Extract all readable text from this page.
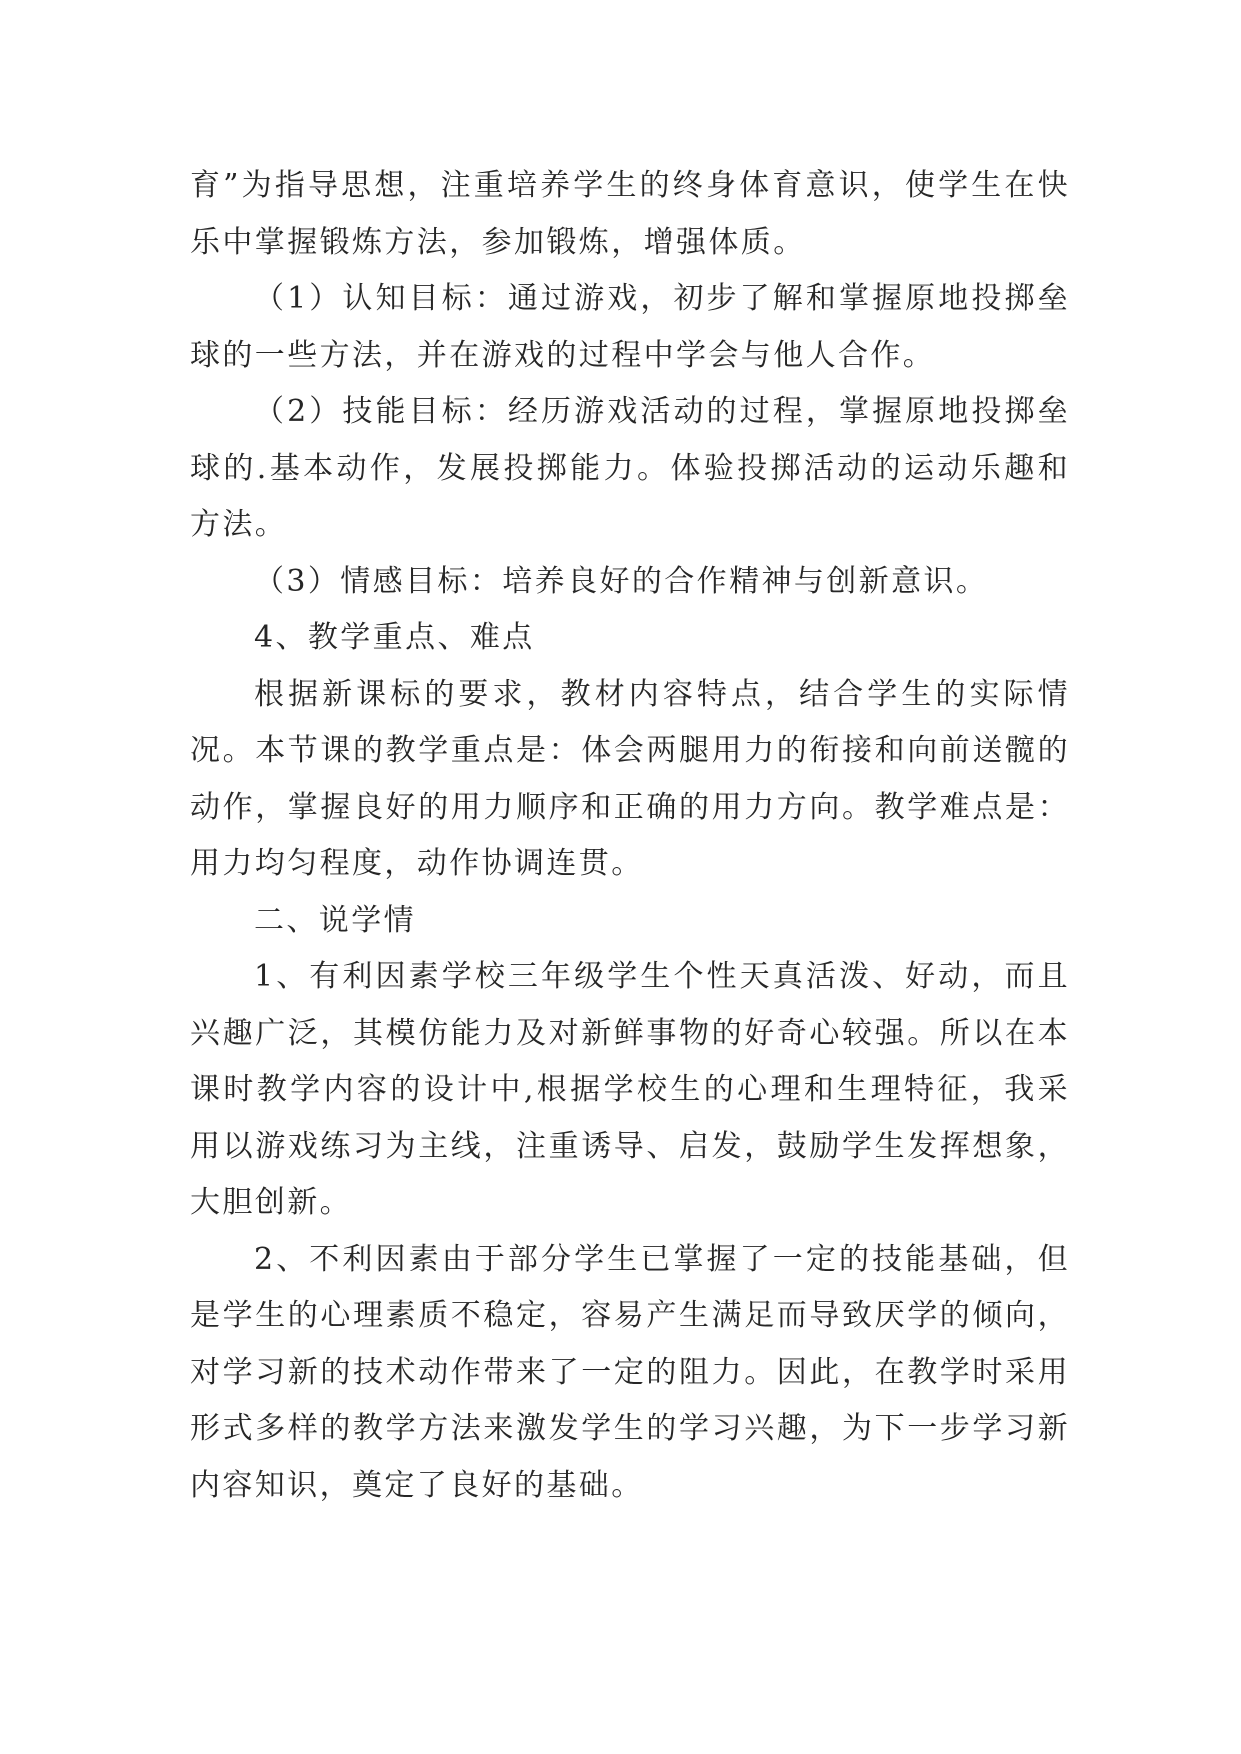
育”为指导思想，注重培养学生的终身体育意识，使学生在快乐中掌握锻炼方法，参加锻炼，增强体质。

（1）认知目标：通过游戏，初步了解和掌握原地投掷垒球的一些方法，并在游戏的过程中学会与他人合作。

（2）技能目标：经历游戏活动的过程，掌握原地投掷垒球的.基本动作，发展投掷能力。体验投掷活动的运动乐趣和方法。

（3）情感目标：培养良好的合作精神与创新意识。

4、教学重点、难点

根据新课标的要求，教材内容特点，结合学生的实际情况。本节课的教学重点是：体会两腿用力的衔接和向前送髋的动作，掌握良好的用力顺序和正确的用力方向。教学难点是：用力均匀程度，动作协调连贯。

二、说学情

1、有利因素学校三年级学生个性天真活泼、好动，而且兴趣广泛，其模仿能力及对新鲜事物的好奇心较强。所以在本课时教学内容的设计中,根据学校生的心理和生理特征，我采用以游戏练习为主线，注重诱导、启发，鼓励学生发挥想象，大胆创新。

2、不利因素由于部分学生已掌握了一定的技能基础，但是学生的心理素质不稳定，容易产生满足而导致厌学的倾向，对学习新的技术动作带来了一定的阻力。因此，在教学时采用形式多样的教学方法来激发学生的学习兴趣，为下一步学习新内容知识，奠定了良好的基础。
